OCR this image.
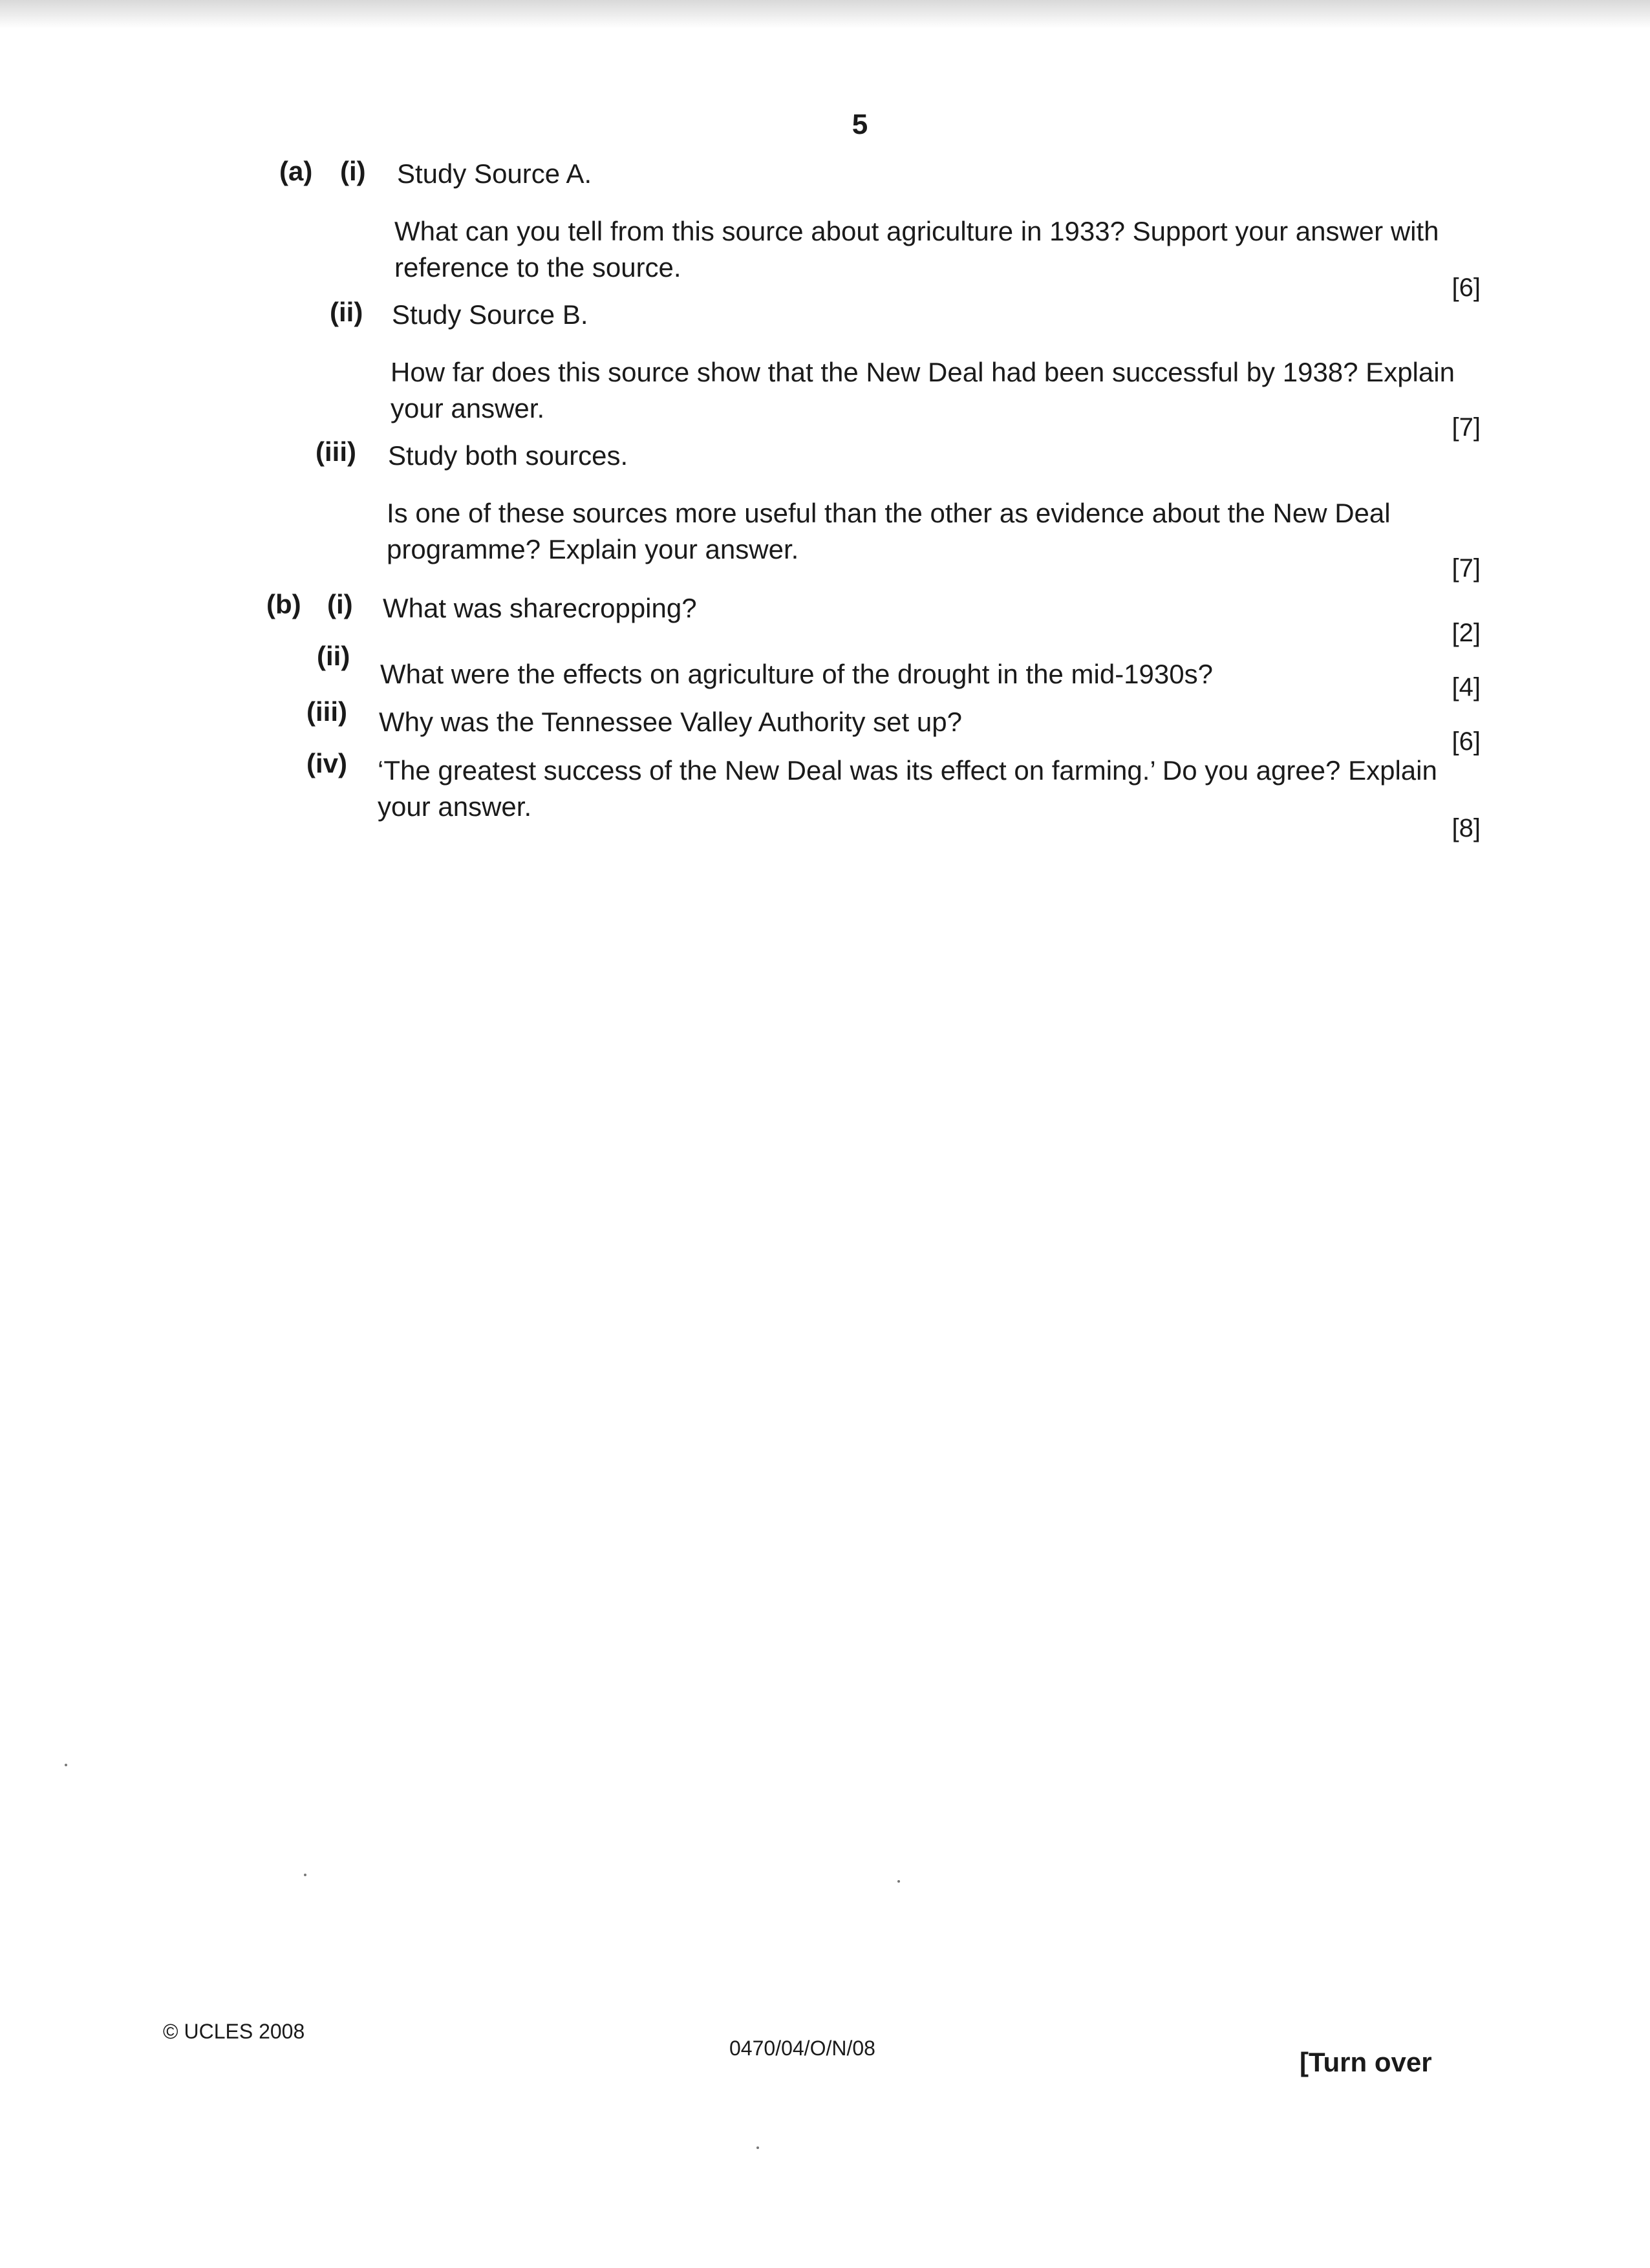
5
(a) (i) Study Source A.
What can you tell from this source about agriculture in 1933? Support your answer with reference to the source.
[6]
(ii) Study Source B.
How far does this source show that the New Deal had been successful by 1938? Explain your answer.
[7]
(iii) Study both sources.
Is one of these sources more useful than the other as evidence about the New Deal programme? Explain your answer.
[7]
(b) (i) What was sharecropping?
[2]
(ii)
What were the effects on agriculture of the drought in the mid-1930s?	[4]
(iii) Why was the Tennessee Valley Authority set up?
[6]
(iv) ‘The greatest success of the New Deal was its effect on farming.’ Do you agree? Explain your answer.
[8]
© UCLES 2008
0470/04/O/N/08	[Turn over
